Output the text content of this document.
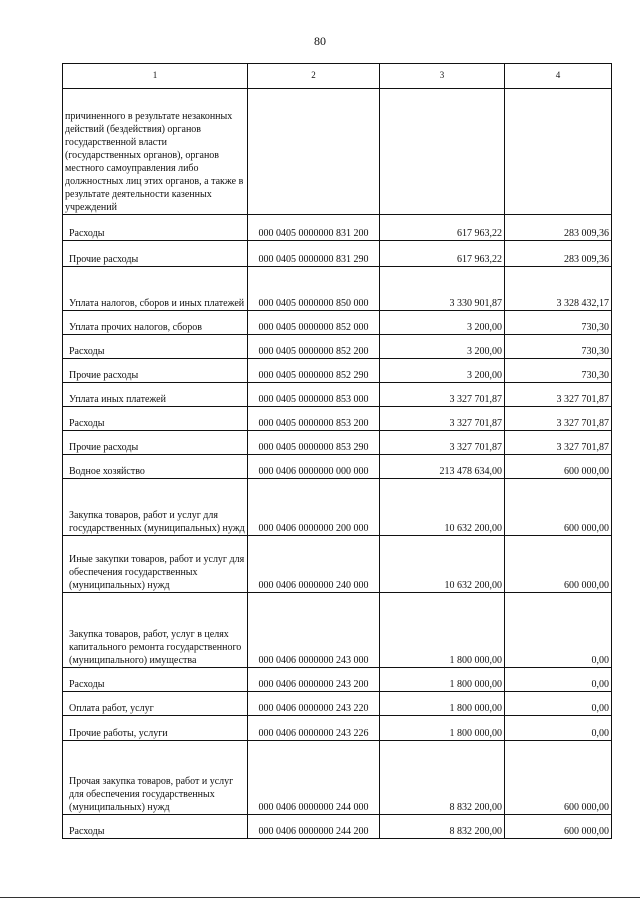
80
1	2	3	4
причиненного в результате незаконных действий (бездействия) органов государственной власти (государственных органов), органов местного самоуправления либо должностных лиц этих органов, а также в результате деятельности казенных учреждений			
Расходы	000 0405 0000000 831 200	617 963,22	283 009,36
Прочие расходы	000 0405 0000000 831 290	617 963,22	283 009,36
Уплата налогов, сборов и иных платежей	000 0405 0000000 850 000	3 330 901,87	3 328 432,17
Уплата прочих налогов, сборов	000 0405 0000000 852 000	3 200,00	730,30
Расходы	000 0405 0000000 852 200	3 200,00	730,30
Прочие расходы	000 0405 0000000 852 290	3 200,00	730,30
Уплата иных платежей	000 0405 0000000 853 000	3 327 701,87	3 327 701,87
Расходы	000 0405 0000000 853 200	3 327 701,87	3 327 701,87
Прочие расходы	000 0405 0000000 853 290	3 327 701,87	3 327 701,87
Водное хозяйство	000 0406 0000000 000 000	213 478 634,00	600 000,00
Закупка товаров, работ и услуг для государственных (муниципальных) нужд	000 0406 0000000 200 000	10 632 200,00	600 000,00
Иные закупки товаров, работ и услуг для обеспечения государственных (муниципальных) нужд	000 0406 0000000 240 000	10 632 200,00	600 000,00
Закупка товаров, работ, услуг в целях капитального ремонта государственного (муниципального) имущества	000 0406 0000000 243 000	1 800 000,00	0,00
Расходы	000 0406 0000000 243 200	1 800 000,00	0,00
Оплата работ, услуг	000 0406 0000000 243 220	1 800 000,00	0,00
Прочие работы, услуги	000 0406 0000000 243 226	1 800 000,00	0,00
Прочая закупка товаров, работ и услуг для обеспечения государственных (муниципальных) нужд	000 0406 0000000 244 000	8 832 200,00	600 000,00
Расходы	000 0406 0000000 244 200	8 832 200,00	600 000,00
